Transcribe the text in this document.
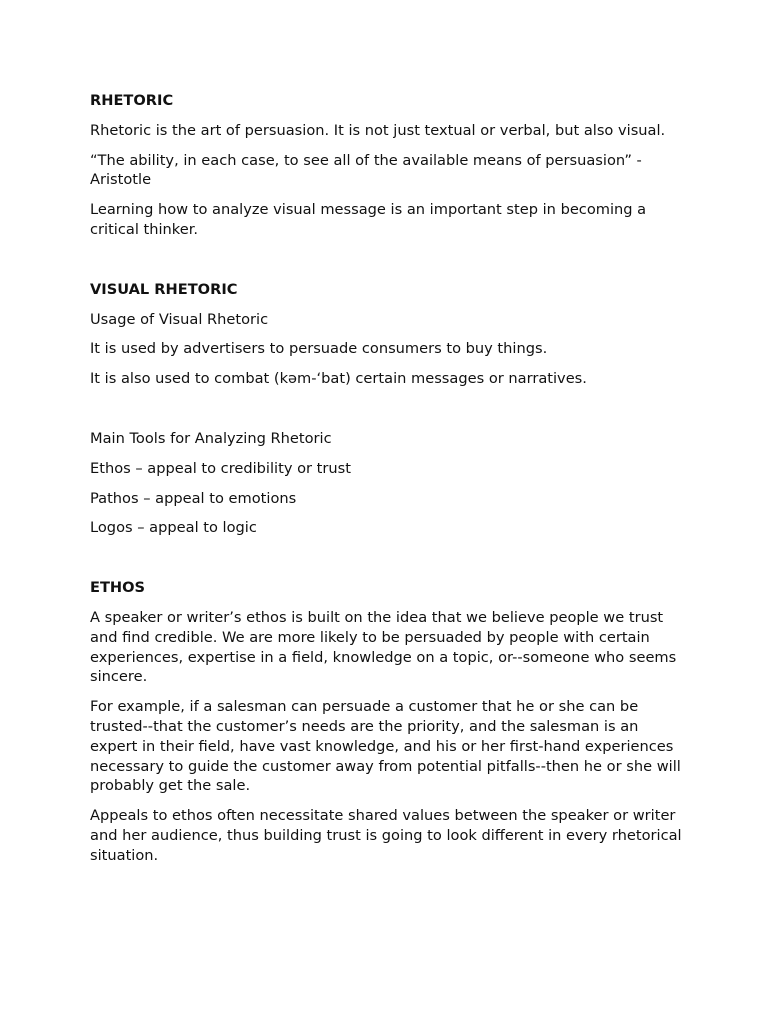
RHETORIC
Rhetoric is the art of persuasion. It is not just textual or verbal, but also visual.
“The ability, in each case, to see all of the available means of persuasion” - Aristotle
Learning how to analyze visual message is an important step in becoming a critical thinker.
VISUAL RHETORIC
Usage of Visual Rhetoric
It is used by advertisers to persuade consumers to buy things.
It is also used to combat (kəm-‘bat) certain messages or narratives.
Main Tools for Analyzing Rhetoric
Ethos – appeal to credibility or trust
Pathos – appeal to emotions
Logos – appeal to logic
ETHOS
A speaker or writer’s ethos is built on the idea that we believe people we trust and find credible. We are more likely to be persuaded by people with certain experiences, expertise in a field, knowledge on a topic, or--someone who seems sincere.
For example, if a salesman can persuade a customer that he or she can be trusted--that the customer’s needs are the priority, and the salesman is an expert in their field, have vast knowledge, and his or her first-hand experiences necessary to guide the customer away from potential pitfalls--then he or she will probably get the sale.
Appeals to ethos often necessitate shared values between the speaker or writer and her audience, thus building trust is going to look different in every rhetorical situation.
